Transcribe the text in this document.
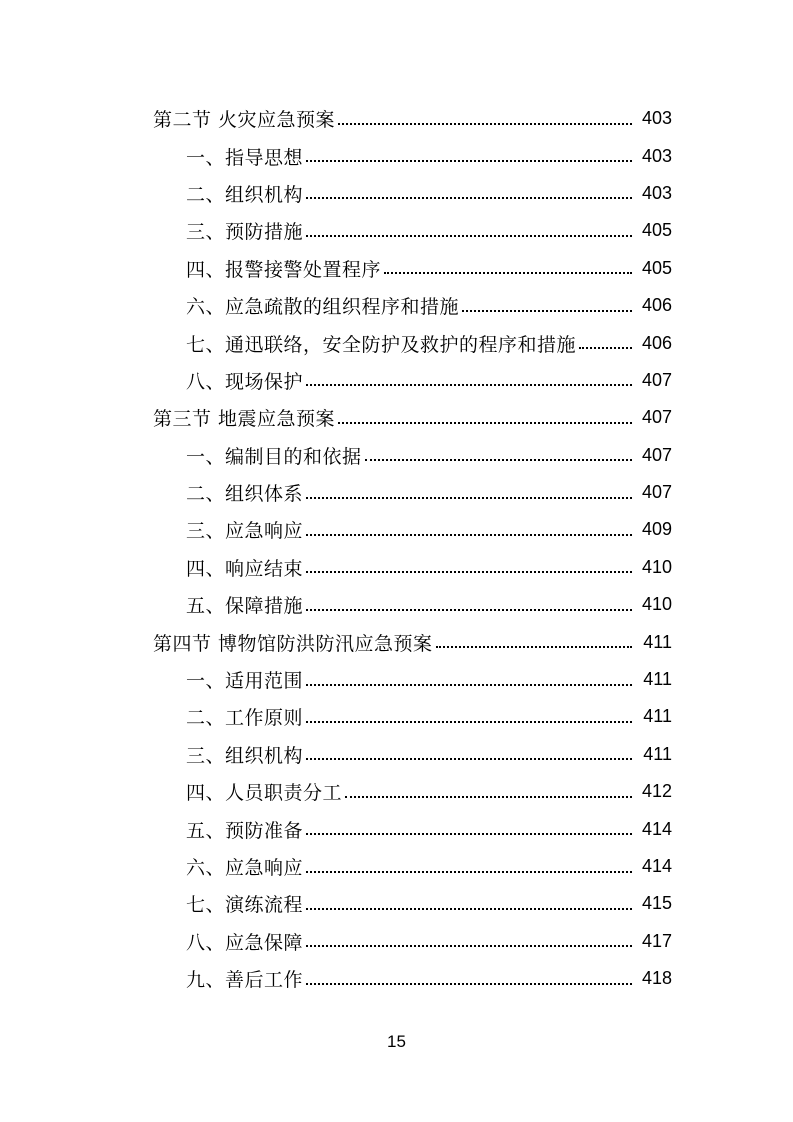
第二节 火灾应急预案	403
一、指导思想	403
二、组织机构	403
三、预防措施	405
四、报警接警处置程序	405
六、应急疏散的组织程序和措施	406
七、通迅联络，安全防护及救护的程序和措施	406
八、现场保护	407
第三节 地震应急预案	407
一、编制目的和依据	407
二、组织体系	407
三、应急响应	409
四、响应结束	410
五、保障措施	410
第四节 博物馆防洪防汛应急预案	411
一、适用范围	411
二、工作原则	411
三、组织机构	411
四、人员职责分工	412
五、预防准备	414
六、应急响应	414
七、演练流程	415
八、应急保障	417
九、善后工作	418
15
